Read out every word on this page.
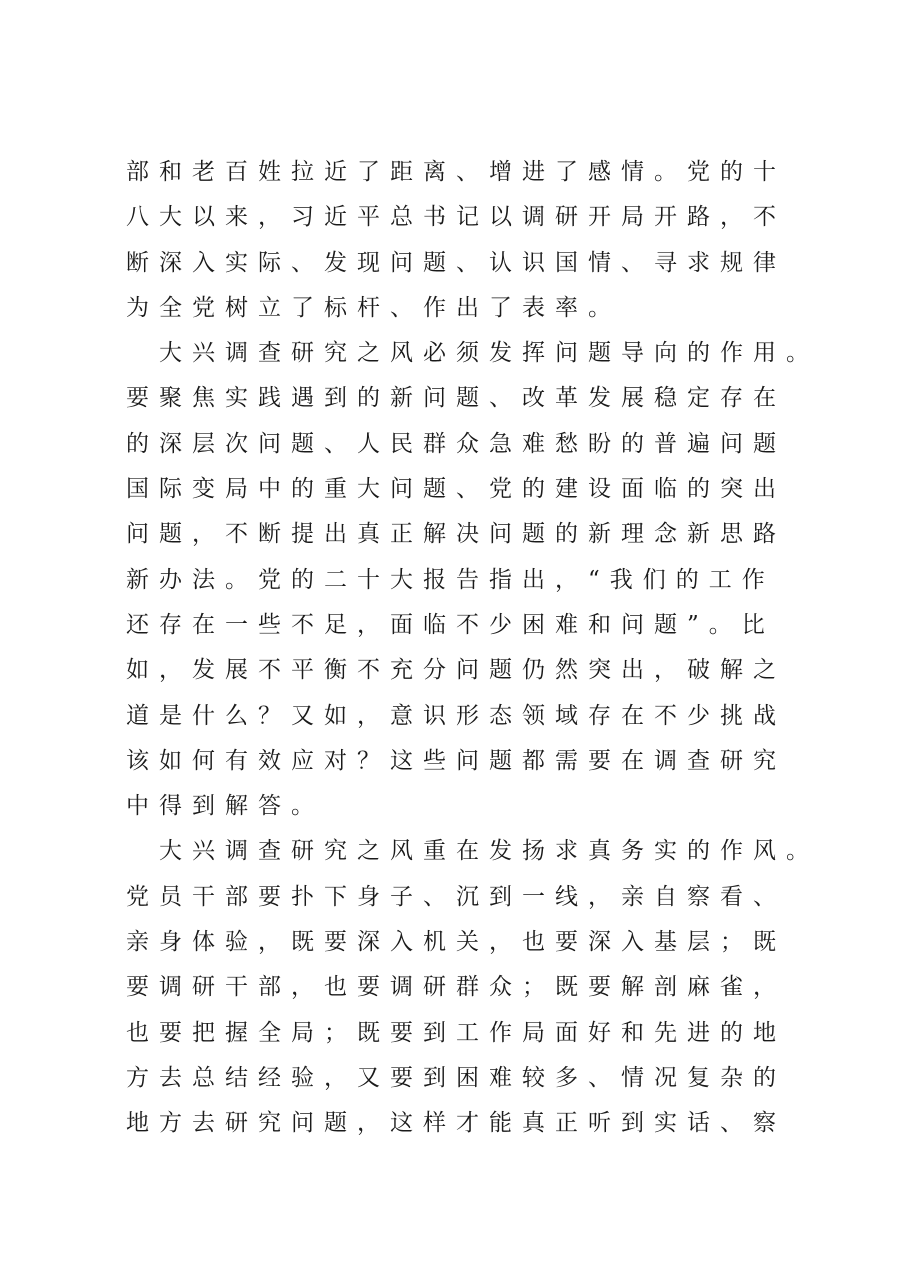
部和老百姓拉近了距离、增进了感情。党的十
八大以来，习近平总书记以调研开局开路，不
断深入实际、发现问题、认识国情、寻求规律
为全党树立了标杆、作出了表率。
　大兴调查研究之风必须发挥问题导向的作用。
要聚焦实践遇到的新问题、改革发展稳定存在
的深层次问题、人民群众急难愁盼的普遍问题
国际变局中的重大问题、党的建设面临的突出
问题，不断提出真正解决问题的新理念新思路
新办法。党的二十大报告指出，“我们的工作
还存在一些不足，面临不少困难和问题”。比
如，发展不平衡不充分问题仍然突出，破解之
道是什么？又如，意识形态领域存在不少挑战
该如何有效应对？这些问题都需要在调查研究
中得到解答。
　大兴调查研究之风重在发扬求真务实的作风。
党员干部要扑下身子、沉到一线，亲自察看、
亲身体验，既要深入机关，也要深入基层；既
要调研干部，也要调研群众；既要解剖麻雀，
也要把握全局；既要到工作局面好和先进的地
方去总结经验，又要到困难较多、情况复杂的
地方去研究问题，这样才能真正听到实话、察
